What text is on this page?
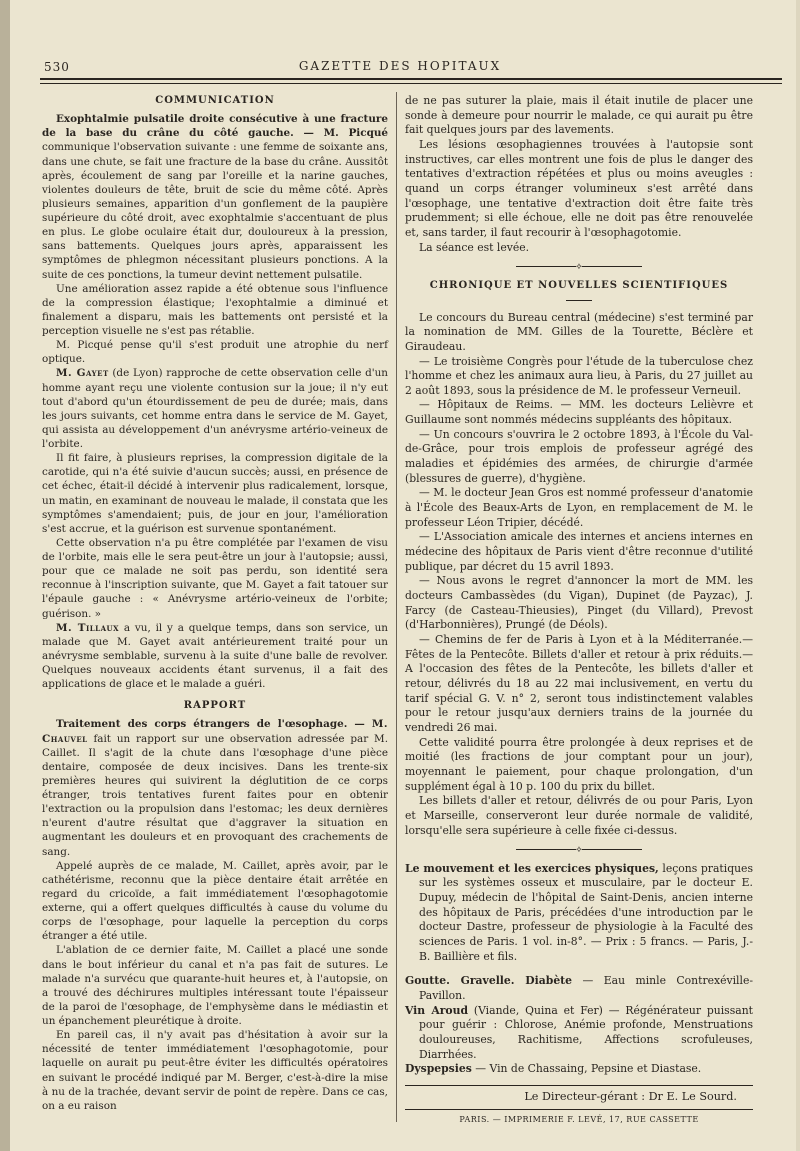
530	GAZETTE DES HOPITAUX
COMMUNICATION

Exophtalmie pulsatile droite consécutive à une fracture de la base du crâne du côté gauche. — M. Picqué communique l'observation suivante : une femme de soixante ans, dans une chute, se fait une fracture de la base du crâne. Aussitôt après, écoulement de sang par l'oreille et la narine gauches, violentes douleurs de tête, bruit de scie du même côté. Après plusieurs semaines, apparition d'un gonflement de la paupière supérieure du côté droit, avec exophtalmie s'accentuant de plus en plus. Le globe oculaire était dur, douloureux à la pression, sans battements. Quelques jours après, apparaissent les symptômes de phlegmon nécessitant plusieurs ponctions. A la suite de ces ponctions, la tumeur devint nettement pulsatile.

Une amélioration assez rapide a été obtenue sous l'influence de la compression élastique; l'exophtalmie a diminué et finalement a disparu, mais les battements ont persisté et la perception visuelle ne s'est pas rétablie.

M. Picqué pense qu'il s'est produit une atrophie du nerf optique.

M. Gayet (de Lyon) rapproche de cette observation celle d'un homme ayant reçu une violente contusion sur la joue; il n'y eut tout d'abord qu'un étourdissement de peu de durée; mais, dans les jours suivants, cet homme entra dans le service de M. Gayet, qui assista au développement d'un anévrysme artério-veineux de l'orbite.

Il fit faire, à plusieurs reprises, la compression digitale de la carotide, qui n'a été suivie d'aucun succès; aussi, en présence de cet échec, était-il décidé à intervenir plus radicalement, lorsque, un matin, en examinant de nouveau le malade, il constata que les symptômes s'amendaient; puis, de jour en jour, l'amélioration s'est accrue, et la guérison est survenue spontanément.

Cette observation n'a pu être complétée par l'examen de visu de l'orbite, mais elle le sera peut-être un jour à l'autopsie; aussi, pour que ce malade ne soit pas perdu, son identité sera reconnue à l'inscription suivante, que M. Gayet a fait tatouer sur l'épaule gauche : « Anévrysme artério-veineux de l'orbite; guérison. »

M. Tillaux a vu, il y a quelque temps, dans son service, un malade que M. Gayet avait antérieurement traité pour un anévrysme semblable, survenu à la suite d'une balle de revolver. Quelques nouveaux accidents étant survenus, il a fait des applications de glace et le malade a guéri.

RAPPORT

Traitement des corps étrangers de l'œsophage. — M. Chauvel fait un rapport sur une observation adressée par M. Caillet. Il s'agit de la chute dans l'œsophage d'une pièce dentaire, composée de deux incisives. Dans les trente-six premières heures qui suivirent la déglutition de ce corps étranger, trois tentatives furent faites pour en obtenir l'extraction ou la propulsion dans l'estomac; les deux dernières n'eurent d'autre résultat que d'aggraver la situation en augmentant les douleurs et en provoquant des crachements de sang.

Appelé auprès de ce malade, M. Caillet, après avoir, par le cathétérisme, reconnu que la pièce dentaire était arrêtée en regard du cricoïde, a fait immédiatement l'œsophagotomie externe, qui a offert quelques difficultés à cause du volume du corps de l'œsophage, pour laquelle la perception du corps étranger a été utile.

L'ablation de ce dernier faite, M. Caillet a placé une sonde dans le bout inférieur du canal et n'a pas fait de sutures. Le malade n'a survécu que quarante-huit heures et, à l'autopsie, on a trouvé des déchirures multiples intéressant toute l'épaisseur de la paroi de l'œsophage, de l'emphysème dans le médiastin et un épanchement pleurétique à droite.

En pareil cas, il n'y avait pas d'hésitation à avoir sur la nécessité de tenter immédiatement l'œsophagotomie, pour laquelle on aurait pu peut-être éviter les difficultés opératoires en suivant le procédé indiqué par M. Berger, c'est-à-dire la mise à nu de la trachée, devant servir de point de repère. Dans ce cas, on a eu raison

de ne pas suturer la plaie, mais il était inutile de placer une sonde à demeure pour nourrir le malade, ce qui aurait pu être fait quelques jours par des lavements.

Les lésions œsophagiennes trouvées à l'autopsie sont instructives, car elles montrent une fois de plus le danger des tentatives d'extraction répétées et plus ou moins aveugles : quand un corps étranger volumineux s'est arrêté dans l'œsophage, une tentative d'extraction doit être faite très prudemment; si elle échoue, elle ne doit pas être renouvelée et, sans tarder, il faut recourir à l'œsophagotomie.

La séance est levée.

⟡
CHRONIQUE ET NOUVELLES SCIENTIFIQUES

Le concours du Bureau central (médecine) s'est terminé par la nomination de MM. Gilles de la Tourette, Béclère et Giraudeau.

— Le troisième Congrès pour l'étude de la tuberculose chez l'homme et chez les animaux aura lieu, à Paris, du 27 juillet au 2 août 1893, sous la présidence de M. le professeur Verneuil.

— Hôpitaux de Reims. — MM. les docteurs Lelièvre et Guillaume sont nommés médecins suppléants des hôpitaux.

— Un concours s'ouvrira le 2 octobre 1893, à l'École du Val-de-Grâce, pour trois emplois de professeur agrégé des maladies et épidémies des armées, de chirurgie d'armée (blessures de guerre), d'hygiène.

— M. le docteur Jean Gros est nommé professeur d'anatomie à l'École des Beaux-Arts de Lyon, en remplacement de M. le professeur Léon Tripier, décédé.

— L'Association amicale des internes et anciens internes en médecine des hôpitaux de Paris vient d'être reconnue d'utilité publique, par décret du 15 avril 1893.

— Nous avons le regret d'annoncer la mort de MM. les docteurs Cambassèdes (du Vigan), Dupinet (de Payzac), J. Farcy (de Casteau-Thieusies), Pinget (du Villard), Prevost (d'Harbonnières), Prungé (de Déols).

— Chemins de fer de Paris à Lyon et à la Méditerranée.— Fêtes de la Pentecôte. Billets d'aller et retour à prix réduits.— A l'occasion des fêtes de la Pentecôte, les billets d'aller et retour, délivrés du 18 au 22 mai inclusivement, en vertu du tarif spécial G. V. n° 2, seront tous indistinctement valables pour le retour jusqu'aux derniers trains de la journée du vendredi 26 mai.

Cette validité pourra être prolongée à deux reprises et de moitié (les fractions de jour comptant pour un jour), moyennant le paiement, pour chaque prolongation, d'un supplément égal à 10 p. 100 du prix du billet.

Les billets d'aller et retour, délivrés de ou pour Paris, Lyon et Marseille, conserveront leur durée normale de validité, lorsqu'elle sera supérieure à celle fixée ci-dessus.

⟡

Le mouvement et les exercices physiques, leçons pratiques sur les systèmes osseux et musculaire, par le docteur E. Dupuy, médecin de l'hôpital de Saint-Denis, ancien interne des hôpitaux de Paris, précédées d'une introduction par le docteur Dastre, professeur de physiologie à la Faculté des sciences de Paris. 1 vol. in-8°. — Prix : 5 francs. — Paris, J.-B. Baillière et fils.

Goutte. Gravelle. Diabète — Eau minle Contrexéville-Pavillon.

Vin Aroud (Viande, Quina et Fer) — Régénérateur puissant pour guérir : Chlorose, Anémie profonde, Menstruations douloureuses, Rachitisme, Affections scrofuleuses, Diarrhées.

Dyspepsies — Vin de Chassaing, Pepsine et Diastase.

Le Directeur-gérant : Dr E. Le Sourd.
PARIS. — IMPRIMERIE F. LEVÉ, 17, RUE CASSETTE
